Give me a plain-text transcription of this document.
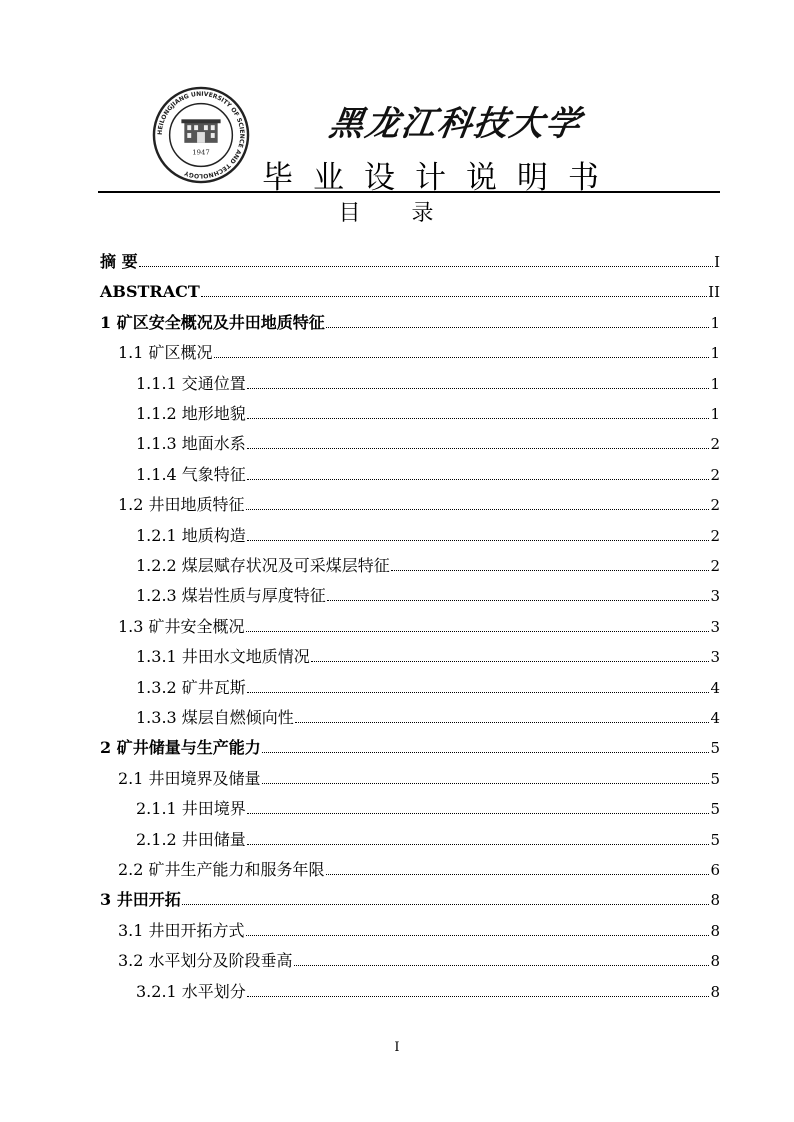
HEILONGJIANG UNIVERSITY OF SCIENCE AND TECHNOLOGY
1947
黑龙江科技大学
毕业设计说明书
目 录
摘 要	I
ABSTRACT	II
1 矿区安全概况及井田地质特征	1
1.1 矿区概况	1
1.1.1 交通位置	1
1.1.2 地形地貌	1
1.1.3 地面水系	2
1.1.4 气象特征	2
1.2 井田地质特征	2
1.2.1 地质构造	2
1.2.2 煤层赋存状况及可采煤层特征	2
1.2.3 煤岩性质与厚度特征	3
1.3 矿井安全概况	3
1.3.1 井田水文地质情况	3
1.3.2 矿井瓦斯	4
1.3.3 煤层自燃倾向性	4
2 矿井储量与生产能力	5
2.1 井田境界及储量	5
2.1.1 井田境界	5
2.1.2 井田储量	5
2.2 矿井生产能力和服务年限	6
3 井田开拓	8
3.1 井田开拓方式	8
3.2 水平划分及阶段垂高	8
3.2.1 水平划分	8
I
